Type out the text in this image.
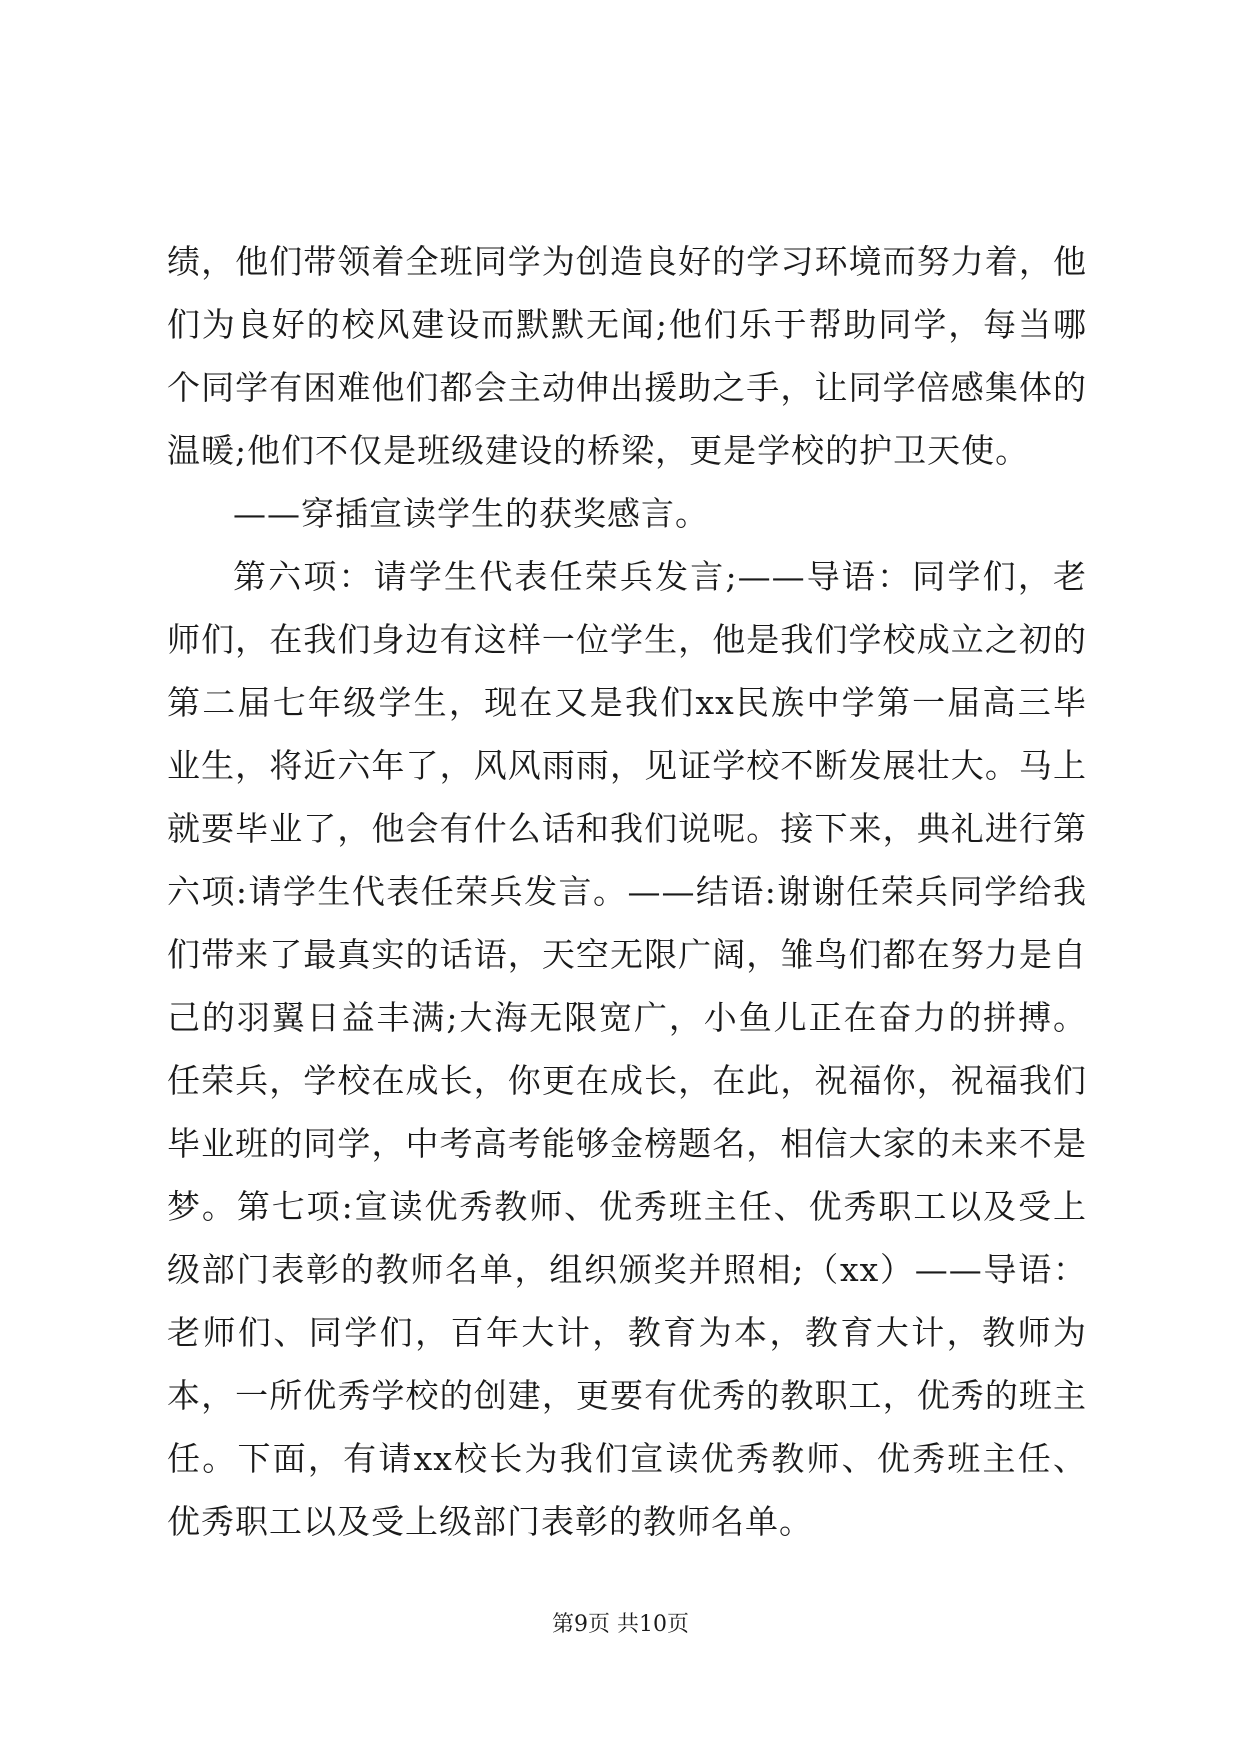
绩，他们带领着全班同学为创造良好的学习环境而努力着，他们为良好的校风建设而默默无闻;他们乐于帮助同学，每当哪个同学有困难他们都会主动伸出援助之手，让同学倍感集体的温暖;他们不仅是班级建设的桥梁，更是学校的护卫天使。

——穿插宣读学生的获奖感言。

第六项：请学生代表任荣兵发言;——导语：同学们，老师们，在我们身边有这样一位学生，他是我们学校成立之初的第二届七年级学生，现在又是我们xx民族中学第一届高三毕业生，将近六年了，风风雨雨，见证学校不断发展壮大。马上就要毕业了，他会有什么话和我们说呢。接下来，典礼进行第六项:请学生代表任荣兵发言。——结语:谢谢任荣兵同学给我们带来了最真实的话语，天空无限广阔，雏鸟们都在努力是自己的羽翼日益丰满;大海无限宽广，小鱼儿正在奋力的拼搏。任荣兵，学校在成长，你更在成长，在此，祝福你，祝福我们毕业班的同学，中考高考能够金榜题名，相信大家的未来不是梦。第七项:宣读优秀教师、优秀班主任、优秀职工以及受上级部门表彰的教师名单，组织颁奖并照相;（xx）——导语：老师们、同学们，百年大计，教育为本，教育大计，教师为本，一所优秀学校的创建，更要有优秀的教职工，优秀的班主任。下面，有请xx校长为我们宣读优秀教师、优秀班主任、优秀职工以及受上级部门表彰的教师名单。

第9页 共10页
